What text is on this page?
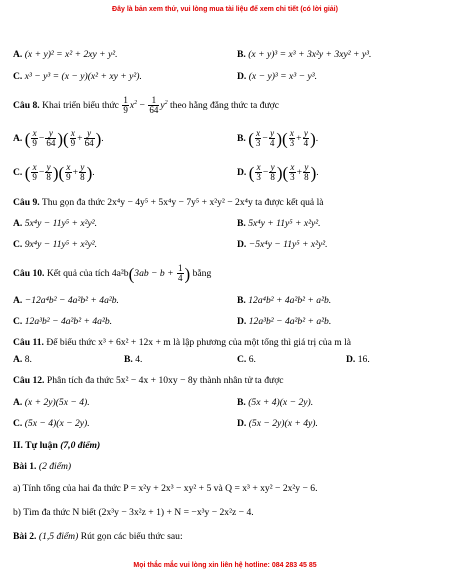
Đây là bản xem thử, vui lòng mua tài liệu để xem chi tiết (có lời giải)
A. (x + y)² = x² + 2xy + y².	B. (x + y)³ = x³ + 3x²y + 3xy² + y³.
C. x³ − y³ = (x − y)(x² + xy + y²).	D. (x − y)³ = x³ − y³.
Câu 8. Khai triển biểu thức $\frac{1}{9} x^2 - \frac{1}{64} y^2$ theo hằng đẳng thức ta được
A. ( $\frac{x}{9} - \frac{y}{64}$ )( $\frac{x}{9} + \frac{y}{64}$ ).	B. ( $\frac{x}{3} - \frac{y}{4}$ )( $\frac{x}{3} + \frac{y}{4}$ ).
C. ( $\frac{x}{9} - \frac{y}{8}$ )( $\frac{x}{9} + \frac{y}{8}$ ).	D. ( $\frac{x}{3} - \frac{y}{8}$ )( $\frac{x}{3} + \frac{y}{8}$ ).
Câu 9. Thu gọn đa thức 2x⁴y − 4y⁵ + 5x⁴y − 7y⁵ + x²y² − 2x⁴y ta được kết quả là
A. 5x⁴y − 11y⁵ + x²y².	B. 5x⁴y + 11y⁵ + x²y².
C. 9x⁴y − 11y⁵ + x²y².	D. −5x⁴y − 11y⁵ + x²y².
Câu 10. Kết quả của tích $4a^2b(3ab - b + \frac{1}{4}$ ) bằng
A. −12a⁴b² − 4a²b² + 4a²b.	B. 12a⁴b² + 4a²b² + a²b.
C. 12a³b² − 4a²b² + 4a²b.	D. 12a³b² − 4a²b² + a²b.
Câu 11. Để biểu thức x³ + 6x² + 12x + m là lập phương của một tổng thì giá trị của m là
A. 8.	B. 4.	C. 6.	D. 16.
Câu 12. Phân tích đa thức 5x² − 4x + 10xy − 8y thành nhân tử ta được
A. (x + 2y)(5x − 4).	B. (5x + 4)(x − 2y).
C. (5x − 4)(x − 2y).	D. (5x − 2y)(x + 4y).
II. Tự luận (7,0 điểm)
Bài 1. (2 điểm)
a) Tính tổng của hai đa thức P = x²y + 2x³ − xy² + 5 và Q = x³ + xy² − 2x²y − 6.
b) Tìm đa thức N biết (2x³y − 3x²z + 1) + N = −x³y − 2x²z − 4.
Bài 2. (1,5 điểm) Rút gọn các biểu thức sau:
Mọi thắc mắc vui lòng xin liên hệ hotline: 084 283 45 85
